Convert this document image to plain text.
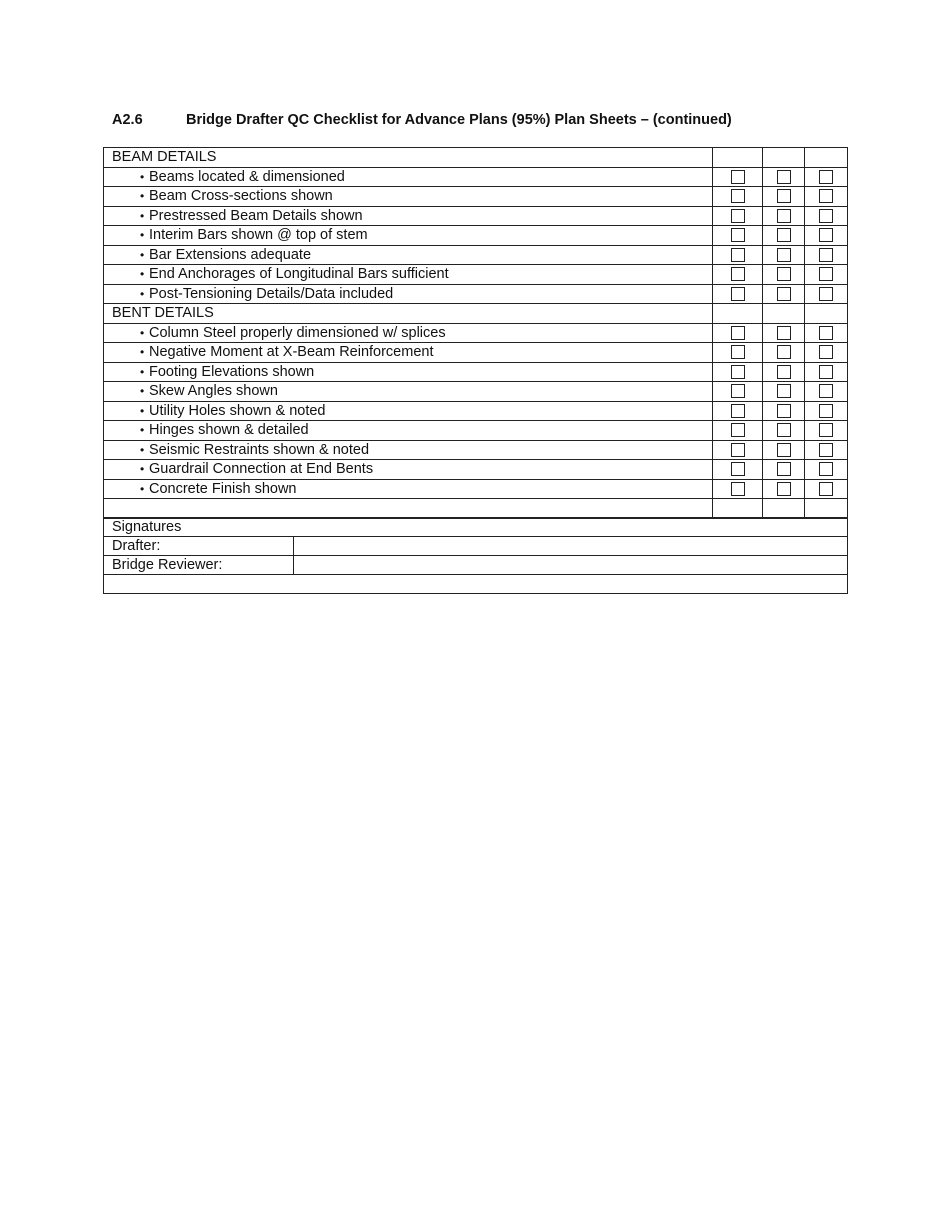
A2.6	Bridge Drafter QC Checklist for Advance Plans (95%) Plan Sheets – (continued)
BEAM DETAILS			
• Beams located & dimensioned			
• Beam Cross-sections shown			
• Prestressed Beam Details shown			
• Interim Bars shown @ top of stem			
• Bar Extensions adequate			
• End Anchorages of Longitudinal Bars sufficient			
• Post-Tensioning Details/Data included			
BENT DETAILS			
• Column Steel properly dimensioned w/ splices			
• Negative Moment at X-Beam Reinforcement			
• Footing Elevations shown			
• Skew Angles shown			
• Utility Holes shown & noted			
• Hinges shown & detailed			
• Seismic Restraints shown & noted			
• Guardrail Connection at End Bents			
• Concrete Finish shown			

Signatures	
Drafter:	
Bridge Reviewer:	
